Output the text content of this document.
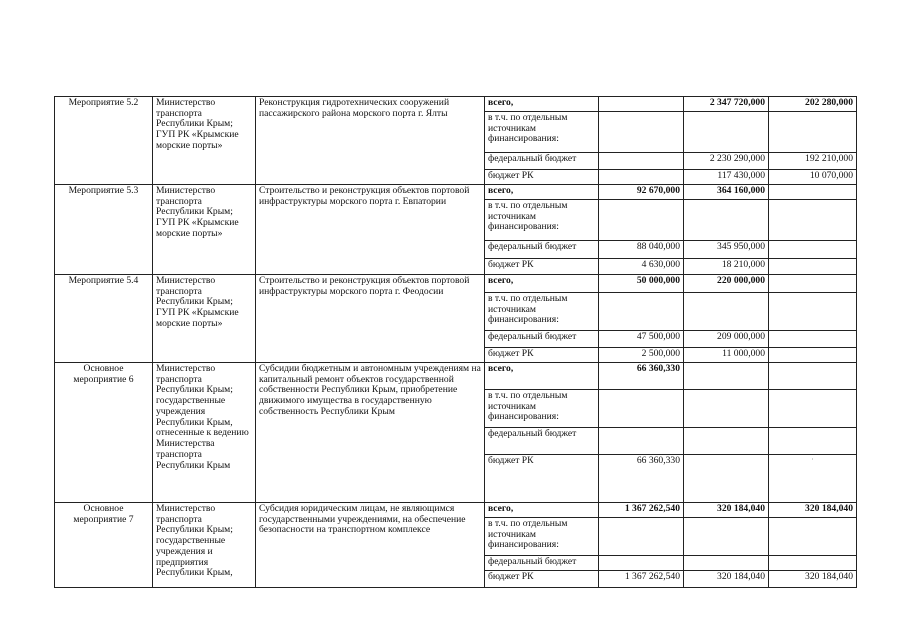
Мероприятие 5.2	Министерство транспорта Республики Крым; ГУП РК «Крымские морские порты»	Реконструкция гидротехнических сооружений пассажирского района морского порта г. Ялты	всего,		2 347 720,000	202 280,000
			в т.ч. по отдельным источникам финансирования:			
			федеральный бюджет		2 230 290,000	192 210,000
			бюджет РК		117 430,000	10 070,000
Мероприятие 5.3	Министерство транспорта Республики Крым; ГУП РК «Крымские морские порты»	Строительство и реконструкция объектов портовой инфраструктуры морского порта г. Евпатории	всего,	92 670,000	364 160,000	
			в т.ч. по отдельным источникам финансирования:			
			федеральный бюджет	88 040,000	345 950,000	
			бюджет РК	4 630,000	18 210,000	
Мероприятие 5.4	Министерство транспорта Республики Крым; ГУП РК «Крымские морские порты»	Строительство и реконструкция объектов портовой инфраструктуры морского порта г. Феодосии	всего,	50 000,000	220 000,000	
			в т.ч. по отдельным источникам финансирования:			
			федеральный бюджет	47 500,000	209 000,000	
			бюджет РК	2 500,000	11 000,000	
Основное мероприятие 6	Министерство транспорта Республики Крым; государственные учреждения Республики Крым, отнесенные к ведению Министерства транспорта Республики Крым	Субсидии бюджетным и автономным учреждениям на капитальный ремонт объектов государственной собственности Республики Крым, приобретение движимого имущества в государственную собственность Республики Крым	всего,	66 360,330		
			в т.ч. по отдельным источникам финансирования:			
			федеральный бюджет			
			бюджет РК	66 360,330		·
Основное мероприятие 7	Министерство транспорта Республики Крым; государственные учреждения и предприятия Республики Крым,	Субсидия юридическим лицам, не являющимся государственными учреждениями, на обеспечение безопасности на транспортном комплексе	всего,	1 367 262,540	320 184,040	320 184,040
			в т.ч. по отдельным источникам финансирования:			
			федеральный бюджет			
			бюджет РК	1 367 262,540	320 184,040	320 184,040
